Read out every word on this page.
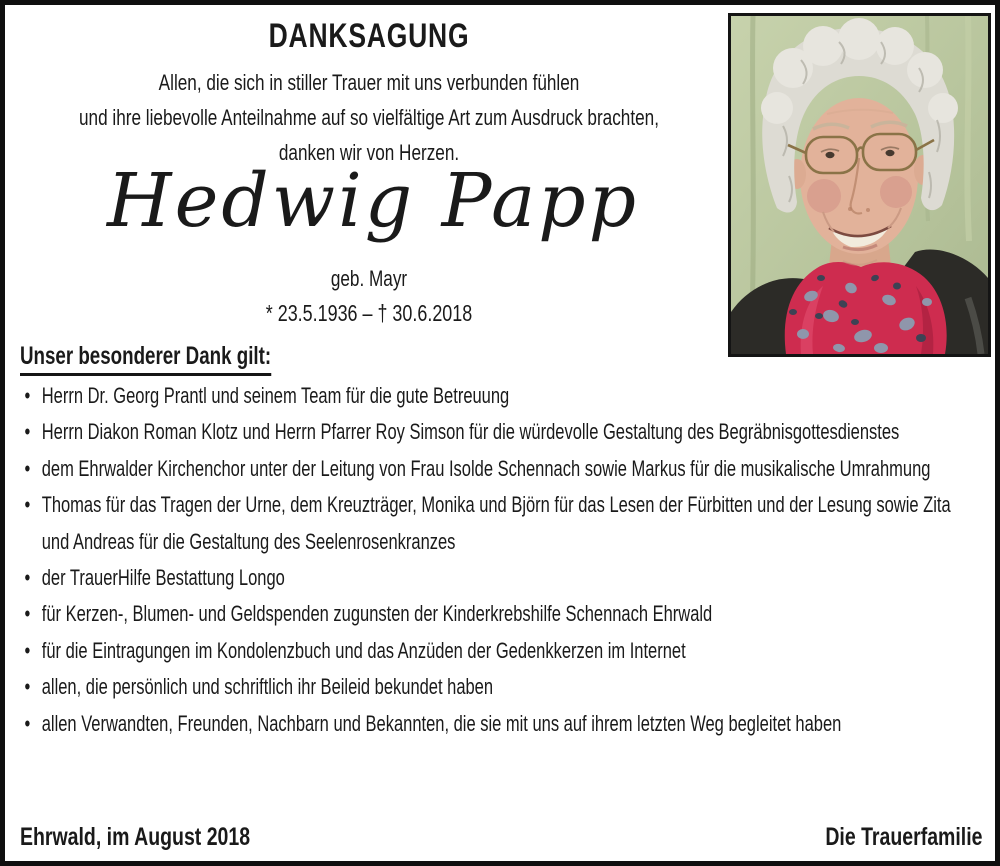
DANKSAGUNG
Allen, die sich in stiller Trauer mit uns verbunden fühlen
und ihre liebevolle Anteilnahme auf so vielfältige Art zum Ausdruck brachten,
danken wir von Herzen.
Hedwig Papp
geb. Mayr
* 23.5.1936 – † 30.6.2018
Unser besonderer Dank gilt:
• Herrn Dr. Georg Prantl und seinem Team für die gute Betreuung
• Herrn Diakon Roman Klotz und Herrn Pfarrer Roy Simson für die würdevolle Gestaltung des Begräbnisgottesdienstes
• dem Ehrwalder Kirchenchor unter der Leitung von Frau Isolde Schennach sowie Markus für die musikalische Umrahmung
• Thomas für das Tragen der Urne, dem Kreuzträger, Monika und Björn für das Lesen der Fürbitten und der Lesung sowie Zita und Andreas für die Gestaltung des Seelenrosenkranzes
• der TrauerHilfe Bestattung Longo
• für Kerzen-, Blumen- und Geldspenden zugunsten der Kinderkrebshilfe Schennach Ehrwald
• für die Eintragungen im Kondolenzbuch und das Anzüden der Gedenkkerzen im Internet
• allen, die persönlich und schriftlich ihr Beileid bekundet haben
• allen Verwandten, Freunden, Nachbarn und Bekannten, die sie mit uns auf ihrem letzten Weg begleitet haben
Ehrwald, im August 2018	Die Trauerfamilie
